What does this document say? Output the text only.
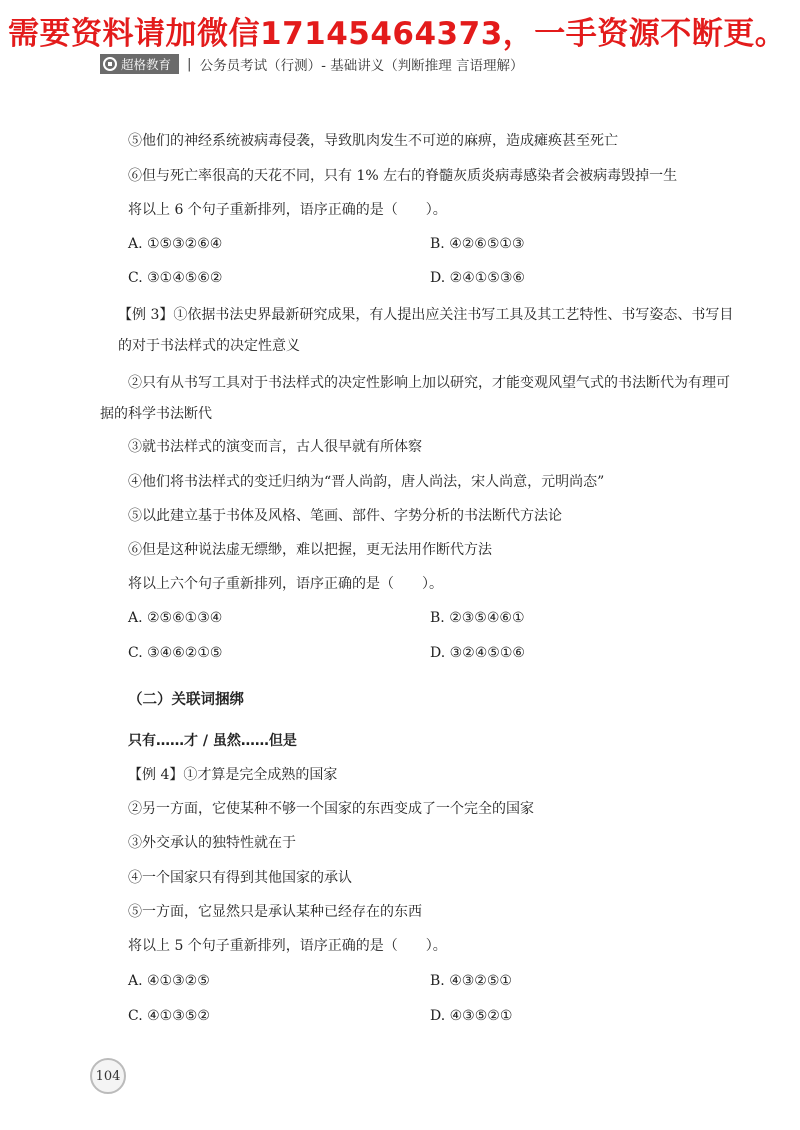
需要资料请加微信17145464373，一手资源不断更。
超格教育 | 公务员考试（行测）- 基础讲义（判断推理 言语理解）
⑤他们的神经系统被病毒侵袭，导致肌肉发生不可逆的麻痹，造成瘫痪甚至死亡
⑥但与死亡率很高的天花不同，只有 1% 左右的脊髓灰质炎病毒感染者会被病毒毁掉一生
将以上 6 个句子重新排列，语序正确的是（　　）。
A. ①⑤③②⑥④	B. ④②⑥⑤①③
C. ③①④⑤⑥②	D. ②④①⑤③⑥
【例 3】①依据书法史界最新研究成果，有人提出应关注书写工具及其工艺特性、书写姿态、书写目的对于书法样式的决定性意义
②只有从书写工具对于书法样式的决定性影响上加以研究，才能变观风望气式的书法断代为有理可据的科学书法断代
③就书法样式的演变而言，古人很早就有所体察
④他们将书法样式的变迁归纳为“晋人尚韵，唐人尚法，宋人尚意，元明尚态”
⑤以此建立基于书体及风格、笔画、部件、字势分析的书法断代方法论
⑥但是这种说法虚无缥缈，难以把握，更无法用作断代方法
将以上六个句子重新排列，语序正确的是（　　）。
A. ②⑤⑥①③④	B. ②③⑤④⑥①
C. ③④⑥②①⑤	D. ③②④⑤①⑥
（二）关联词捆绑
只有……才 / 虽然……但是
【例 4】①才算是完全成熟的国家
②另一方面，它使某种不够一个国家的东西变成了一个完全的国家
③外交承认的独特性就在于
④一个国家只有得到其他国家的承认
⑤一方面，它显然只是承认某种已经存在的东西
将以上 5 个句子重新排列，语序正确的是（　　）。
A. ④①③②⑤	B. ④③②⑤①
C. ④①③⑤②	D. ④③⑤②①
104
